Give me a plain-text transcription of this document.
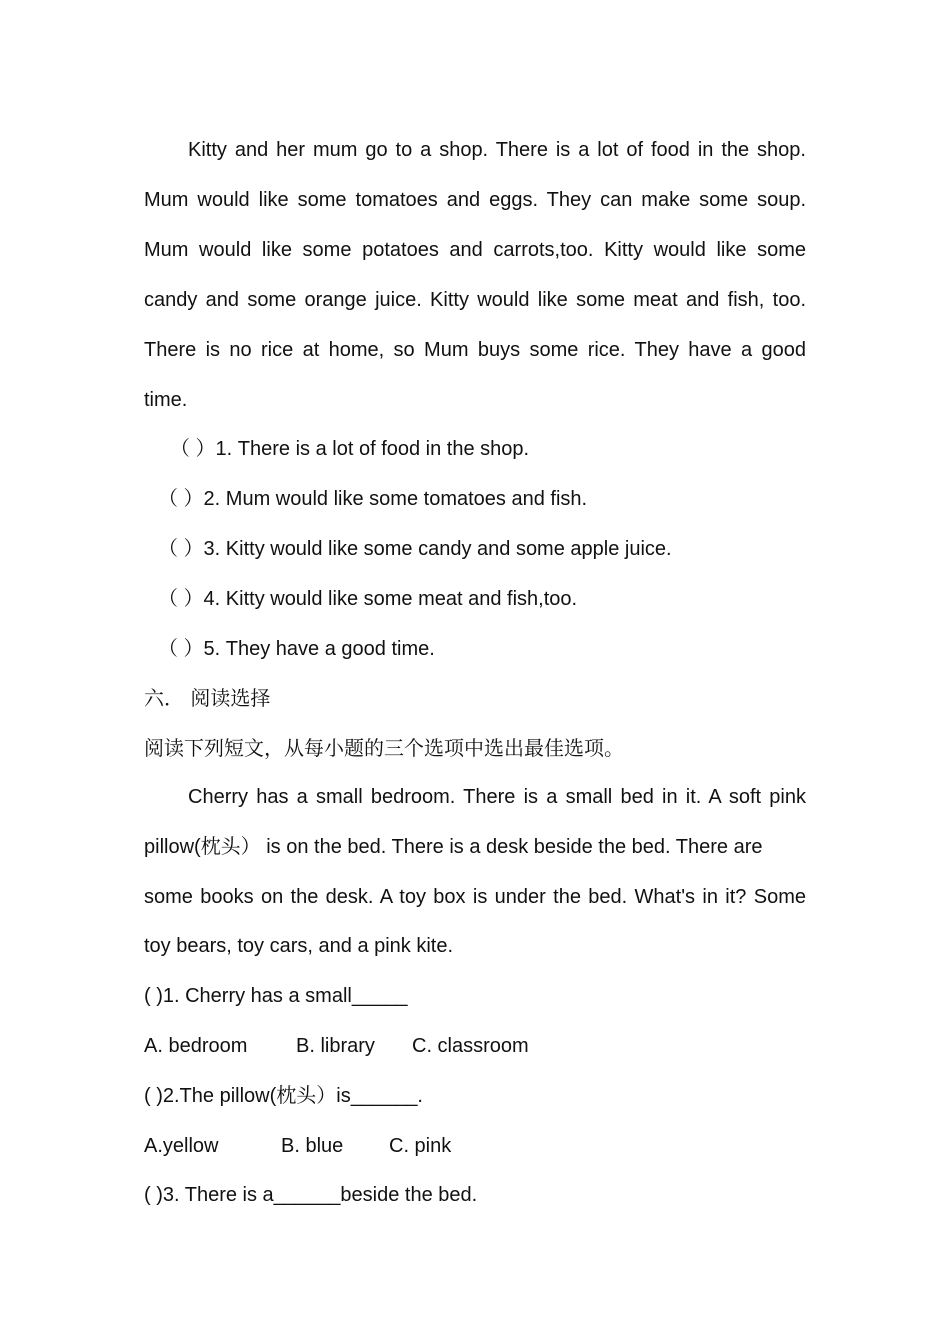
Kitty and her mum go to a shop. There is a lot of food in the shop.
Mum would like some tomatoes and eggs. They can make some soup.
Mum would like some potatoes and carrots,too. Kitty would like some
candy and some orange juice. Kitty would like some meat and fish, too.
There is no rice at home, so Mum buys some rice. They have a good
time.
（ ）1. There is a lot of food in the shop.
（ ）2. Mum would like some tomatoes and fish.
（ ）3. Kitty would like some candy and some apple juice.
（ ）4. Kitty would like some meat and fish,too.
（ ）5. They have a good time.
六． 阅读选择
阅读下列短文，从每小题的三个选项中选出最佳选项。
Cherry has a small bedroom. There is a small bed in it. A soft pink
pillow(枕头） is on the bed. There is a desk beside the bed. There are
some books on the desk. A toy box is under the bed. What's in it? Some
toy bears, toy cars, and a pink kite.
( )1. Cherry has a small_____
A. bedroom B. library C. classroom
( )2.The pillow(枕头）is______.
A.yellow	B. blue C. pink
( )3. There is a______beside the bed.
